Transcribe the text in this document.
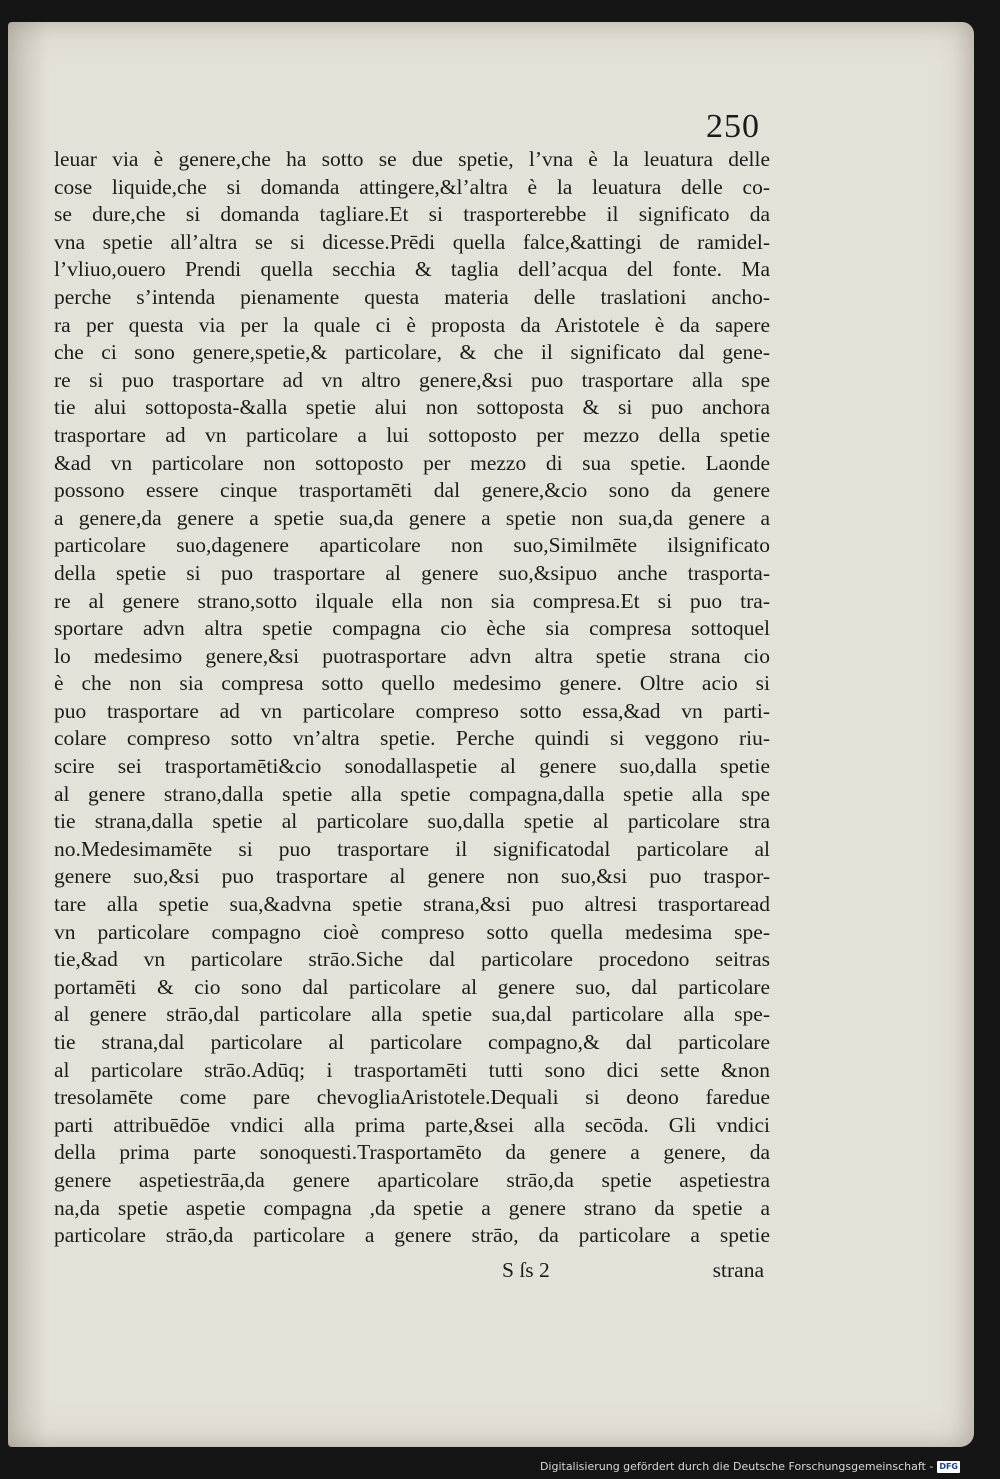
250
leuar via è genere,che ha sotto se due spetie, l’vna è la leuatura delle
cose liquide,che si domanda attingere,&l’altra è la leuatura delle co-
se dure,che si domanda tagliare.Et si trasporterebbe il significato da
vna spetie all’altra se si dicesse.Prēdi quella falce,&attingi de ramidel-
l’vliuo,ouero Prendi quella secchia & taglia dell’acqua del fonte. Ma
perche s’intenda pienamente questa materia delle traslationi ancho-
ra per questa via per la quale ci è proposta da Aristotele è da sapere
che ci sono genere,spetie,& particolare, & che il significato dal gene-
re si puo trasportare ad vn altro genere,&si puo trasportare alla spe
tie alui sottoposta-&alla spetie alui non sottoposta & si puo anchora
trasportare ad vn particolare a lui sottoposto per mezzo della spetie
&ad vn particolare non sottoposto per mezzo di sua spetie. Laonde
possono essere cinque trasportamēti dal genere,&cio sono da genere
a genere,da genere a spetie sua,da genere a spetie non sua,da genere a
particolare suo,dagenere aparticolare non suo,Similmēte ilsignificato
della spetie si puo trasportare al genere suo,&sipuo anche trasporta-
re al genere strano,sotto ilquale ella non sia compresa.Et si puo tra-
sportare advn altra spetie compagna cio èche sia compresa sottoquel
lo medesimo genere,&si puotrasportare advn altra spetie strana cio
è che non sia compresa sotto quello medesimo genere. Oltre acio si
puo trasportare ad vn particolare compreso sotto essa,&ad vn parti-
colare compreso sotto vn’altra spetie. Perche quindi si veggono riu-
scire sei trasportamēti&cio sonodallaspetie al genere suo,dalla spetie
al genere strano,dalla spetie alla spetie compagna,dalla spetie alla spe
tie strana,dalla spetie al particolare suo,dalla spetie al particolare stra
no.Medesimamēte si puo trasportare il significatodal particolare al
genere suo,&si puo trasportare al genere non suo,&si puo traspor-
tare alla spetie sua,&advna spetie strana,&si puo altresi trasportaread
vn particolare compagno cioè compreso sotto quella medesima spe-
tie,&ad vn particolare strāo.Siche dal particolare procedono seitras
portamēti & cio sono dal particolare al genere suo, dal particolare
al genere strāo,dal particolare alla spetie sua,dal particolare alla spe-
tie strana,dal particolare al particolare compagno,& dal particolare
al particolare strāo.Adūq; i trasportamēti tutti sono dici sette &non
tresolamēte come pare chevogliaAristotele.Dequali si deono faredue
parti attribuēdōe vndici alla prima parte,&sei alla secōda. Gli vndici
della prima parte sonoquesti.Trasportamēto da genere a genere, da
genere aspetiestrāa,da genere aparticolare strāo,da spetie aspetiestra
na,da spetie aspetie compagna ,da spetie a genere strano da spetie a
particolare strāo,da particolare a genere strāo, da particolare a spetie
S ſs 2	strana
Digitalisierung gefördert durch die Deutsche Forschungsgemeinschaft - DFG
